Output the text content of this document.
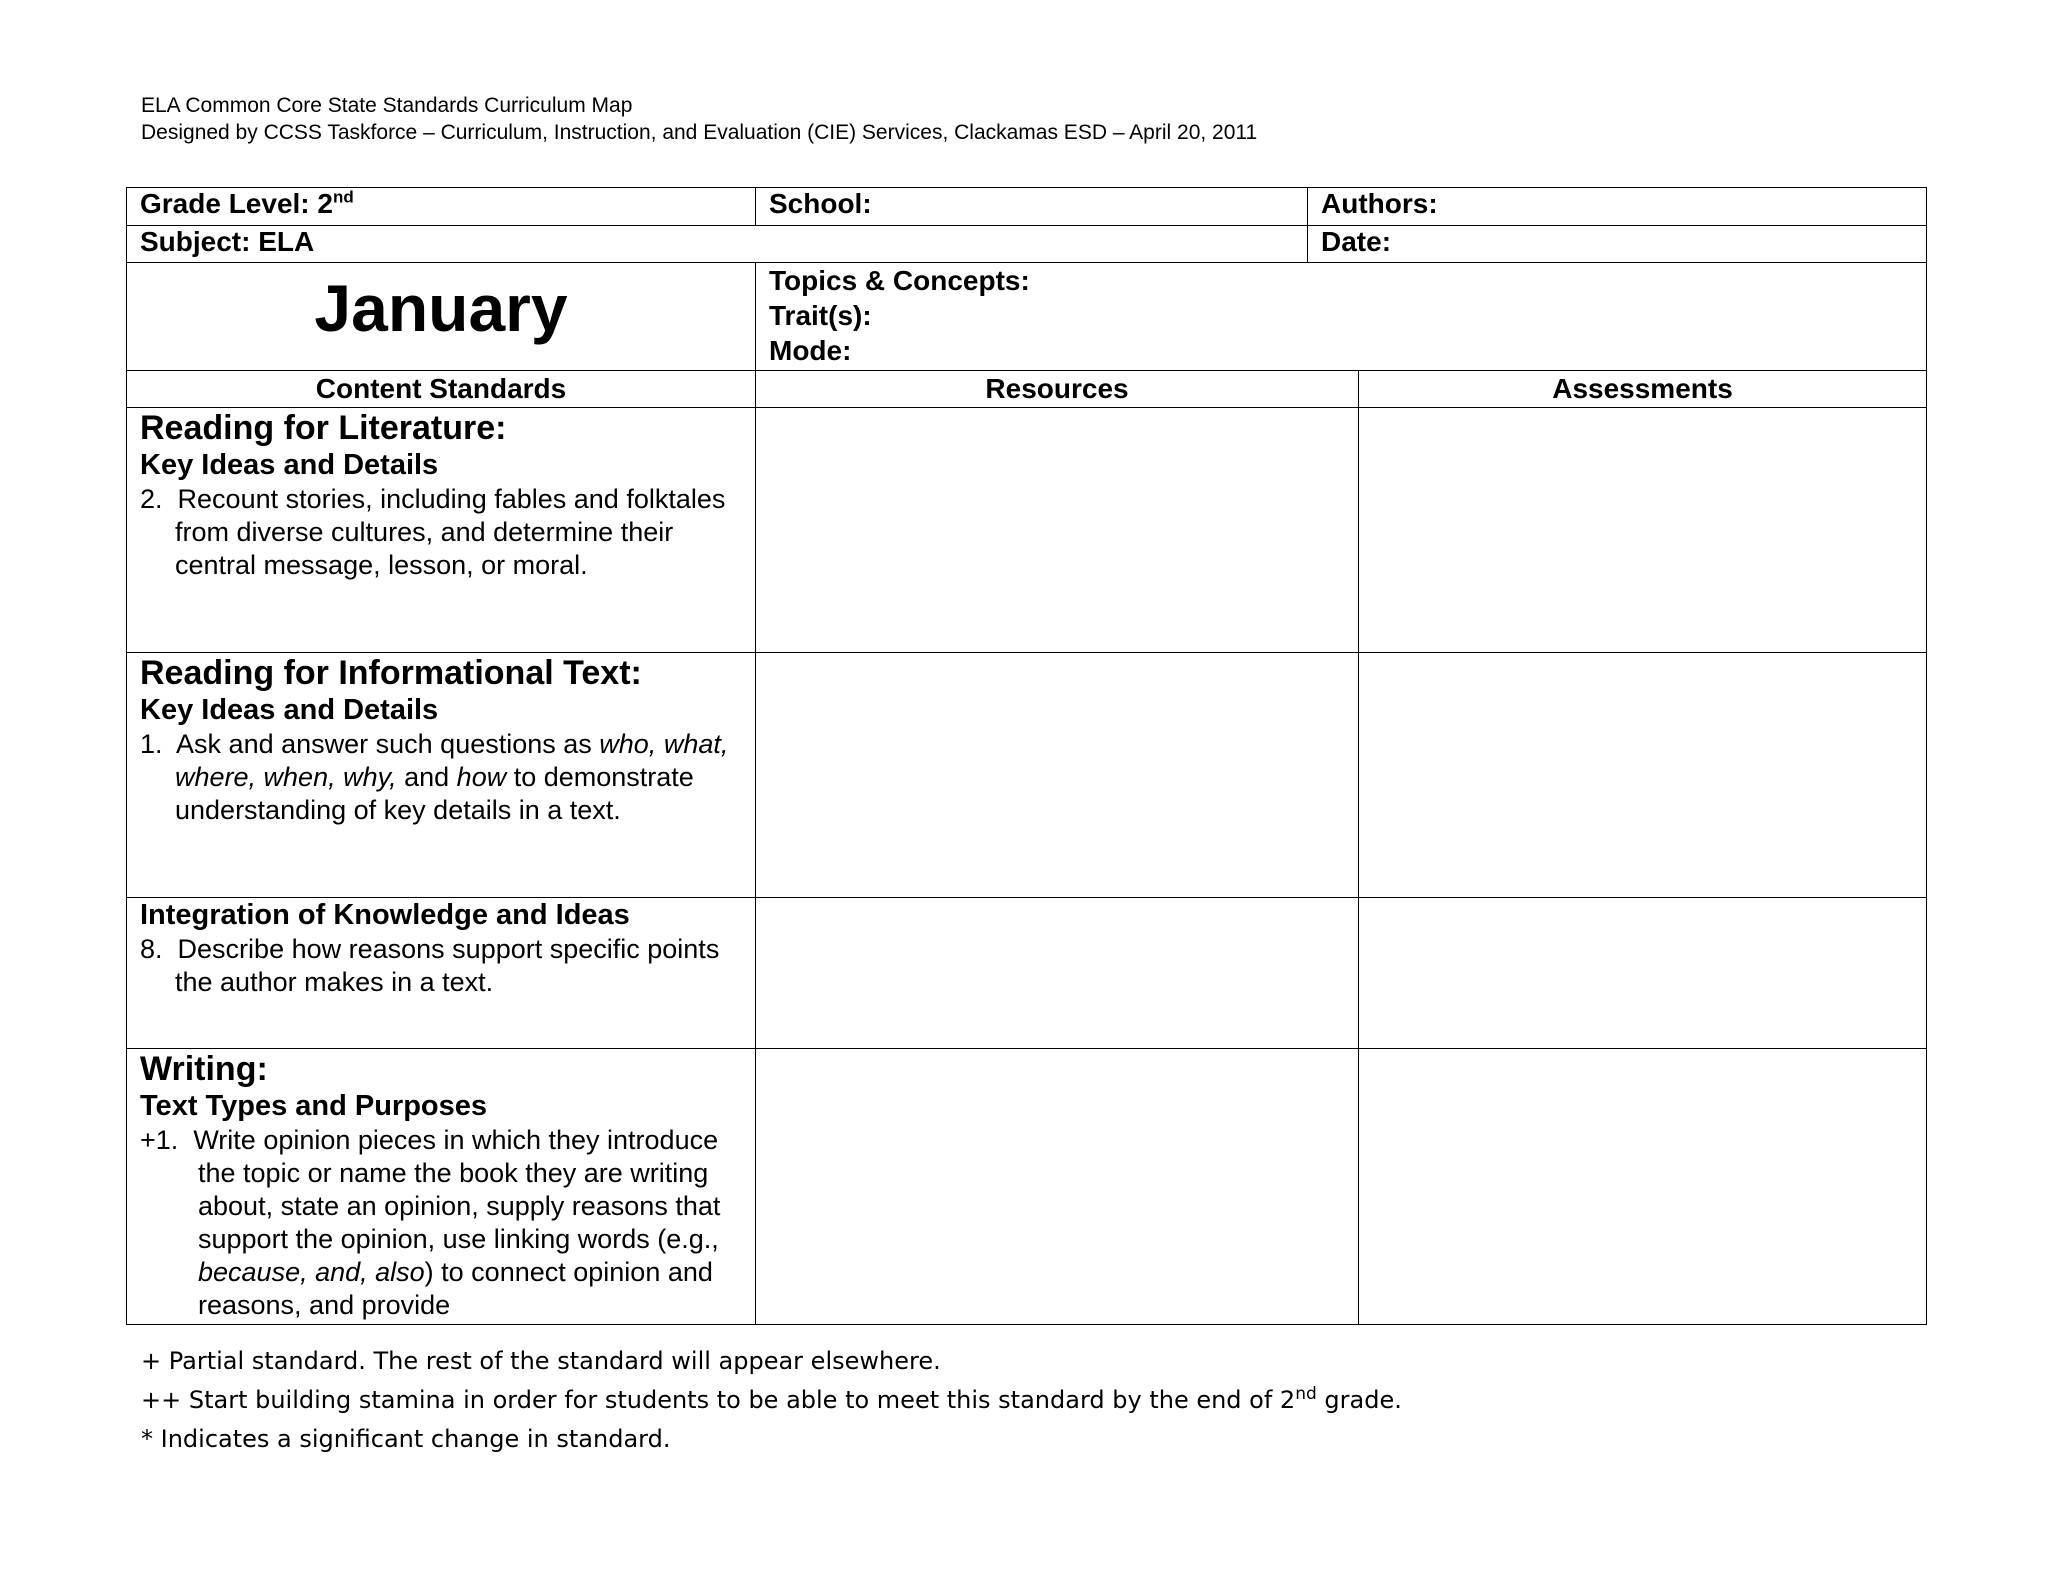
ELA Common Core State Standards Curriculum Map
Designed by CCSS Taskforce – Curriculum, Instruction, and Evaluation (CIE) Services, Clackamas ESD – April 20, 2011
Grade Level: 2nd	School:	Authors:	

Subject: ELA		Date:	

January	Topics & Concepts:
Trait(s):
Mode:		

Content Standards	Resources		Assessments

Reading for Literature:
Key Ideas and Details
2. Recount stories, including fables and folktales from diverse cultures, and determine their central message, lesson, or moral.			

Reading for Informational Text:
Key Ideas and Details
1. Ask and answer such questions as who, what, where, when, why, and how to demonstrate understanding of key details in a text.			

Integration of Knowledge and Ideas
8. Describe how reasons support specific points the author makes in a text.			

Writing:
Text Types and Purposes
+1. Write opinion pieces in which they introduce the topic or name the book they are writing about, state an opinion, supply reasons that support the opinion, use linking words (e.g., because, and, also) to connect opinion and reasons, and provide			

+ Partial standard. The rest of the standard will appear elsewhere.
++ Start building stamina in order for students to be able to meet this standard by the end of 2nd grade.
* Indicates a significant change in standard.
